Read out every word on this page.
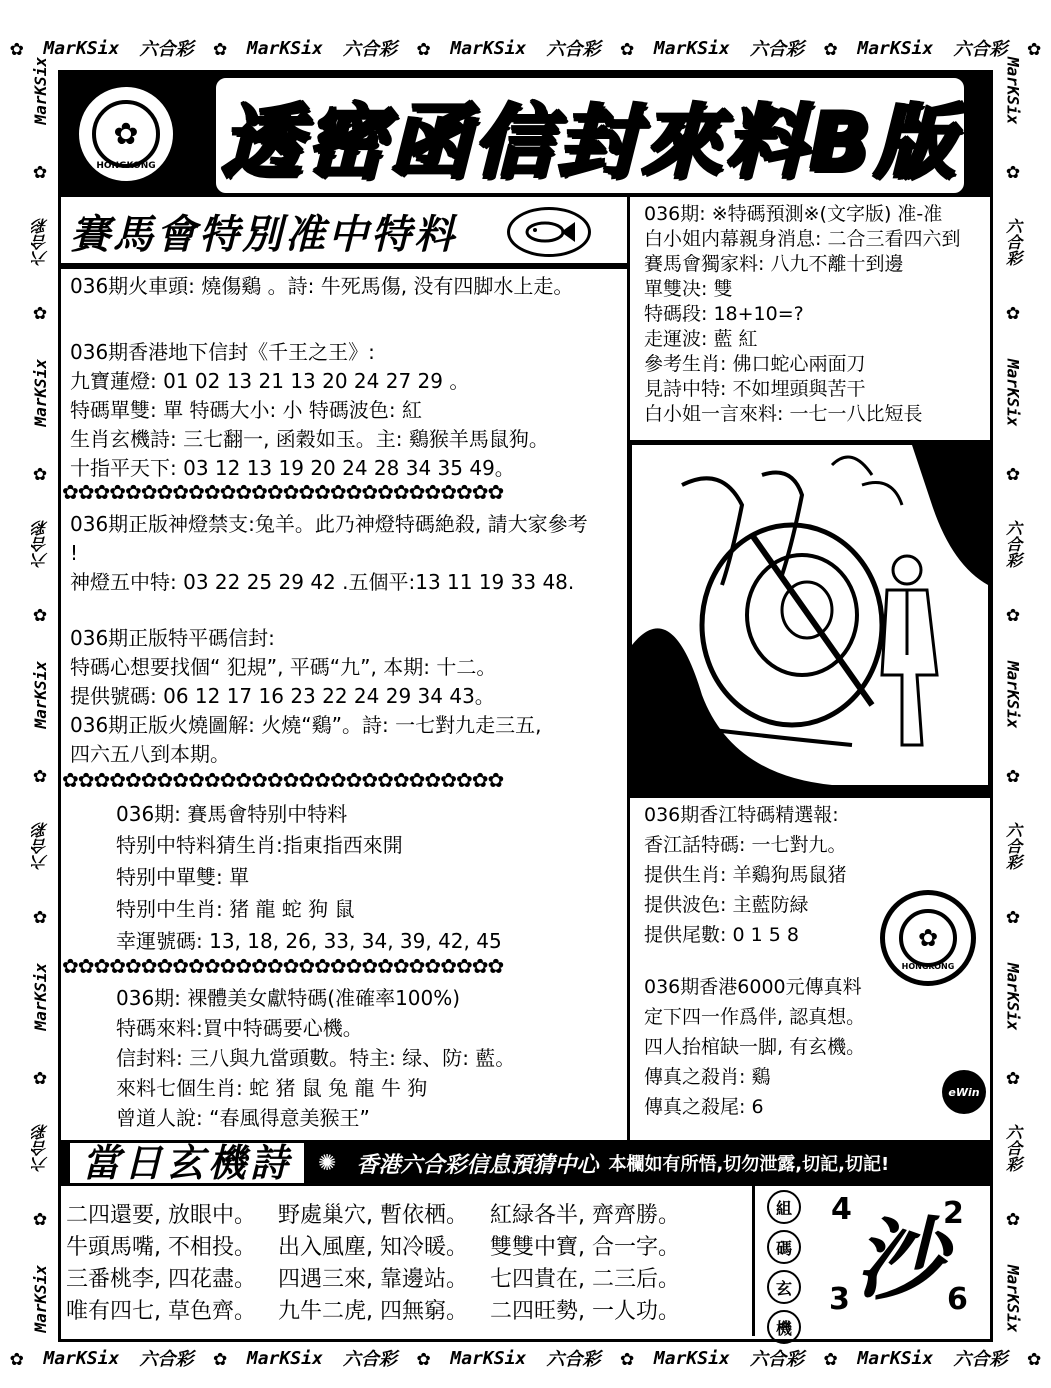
✿ MarKSix 六合彩 ✿ MarKSix 六合彩 ✿ MarKSix 六合彩 ✿ MarKSix 六合彩 ✿ MarKSix 六合彩 ✿
✿ MarKSix 六合彩 ✿ MarKSix 六合彩 ✿ MarKSix 六合彩 ✿ MarKSix 六合彩 ✿ MarKSix 六合彩 ✿
MarKSix
✿
六合彩
✿
MarKSix
✿
六合彩
✿
MarKSix
✿
六合彩
✿
MarKSix
✿
六合彩
✿
MarKSix
MarKSix
✿
六合彩
✿
MarKSix
✿
六合彩
✿
MarKSix
✿
六合彩
✿
MarKSix
✿
六合彩
✿
MarKSix
✿
HONGKONG 透密函信封來料B版
賽馬會特別准中特料
036期火車頭: 燒傷鷄 。詩: 牛死馬傷, 没有四脚水上走。
036期香港地下信封《千王之王》:
九寶蓮燈: 01 02 13 21 13 20 24 27 29 。
特碼單雙: 單 特碼大小: 小 特碼波色: 紅
生肖玄機詩: 三七翻一, 函穀如玉。主: 鷄猴羊馬鼠狗。
十指平天下: 03 12 13 19 20 24 28 34 35 49。
✿✿✿✿✿✿✿✿✿✿✿✿✿✿✿✿✿✿✿✿✿✿✿✿✿✿✿✿
036期正版神燈禁支:兔羊。此乃神燈特碼絶殺, 請大家參考
!
神燈五中特: 03 22 25 29 42 .五個平:13 11 19 33 48.
036期正版特平碼信封:
特碼心想要找個“ 犯規”, 平碼“九”, 本期: 十二。
提供號碼: 06 12 17 16 23 22 24 29 34 43。
036期正版火燒圖解: 火燒“鷄”。詩: 一七對九走三五,
四六五八到本期。
✿✿✿✿✿✿✿✿✿✿✿✿✿✿✿✿✿✿✿✿✿✿✿✿✿✿✿✿
036期: 賽馬會特别中特料
特别中特料猜生肖:指東指西來開
特别中單雙: 單
特别中生肖: 猪 龍 蛇 狗 鼠
幸運號碼: 13, 18, 26, 33, 34, 39, 42, 45
✿✿✿✿✿✿✿✿✿✿✿✿✿✿✿✿✿✿✿✿✿✿✿✿✿✿✿✿
036期: 裸體美女獻特碼(准確率100%)
特碼來料:買中特碼要心機。
信封料: 三八與九當頭數。特主: 绿、防: 藍。
來料七個生肖: 蛇 猪 鼠 兔 龍 牛 狗
曾道人說: “春風得意美猴王”
036期: ※特碼預測※(文字版) 准-准
白小姐内幕親身消息: 二合三看四六到
賽馬會獨家料: 八九不離十到邊
單雙决: 雙
特碼段: 18+10=?
走運波: 藍 紅
參考生肖: 佛口蛇心兩面刀
見詩中特: 不如埋頭與苦干
白小姐一言來料: 一七一八比短長
036期香江特碼精選報:
香江話特碼: 一七對九。
提供生肖: 羊鷄狗馬鼠猪
提供波色: 主藍防緑
提供尾數: 0 1 5 8	✿
HONGKONG
036期香港6000元傳真料
定下四一作爲伴, 認真想。
四人抬棺缺一脚, 有玄機。
傳真之殺肖: 鷄
傳真之殺尾: 6
eWin
當日玄機詩	✺ 香港六合彩信息預猜中心 本欄如有所悟,切勿泄露,切記,切記!
二四還要, 放眼中。 野處巢穴, 暫依栖。 紅緑各半, 齊齊勝。
牛頭馬嘴, 不相投。 出入風塵, 知冷暖。 雙雙中寶, 合一字。
三番桃李, 四花盡。 四遇三來, 靠邊站。 七四貴在, 二三后。
唯有四七, 草色齊。 九牛二虎, 四無窮。 二四旺勢, 一人功。
組
碼
玄
機
4	2
3	6
沙
